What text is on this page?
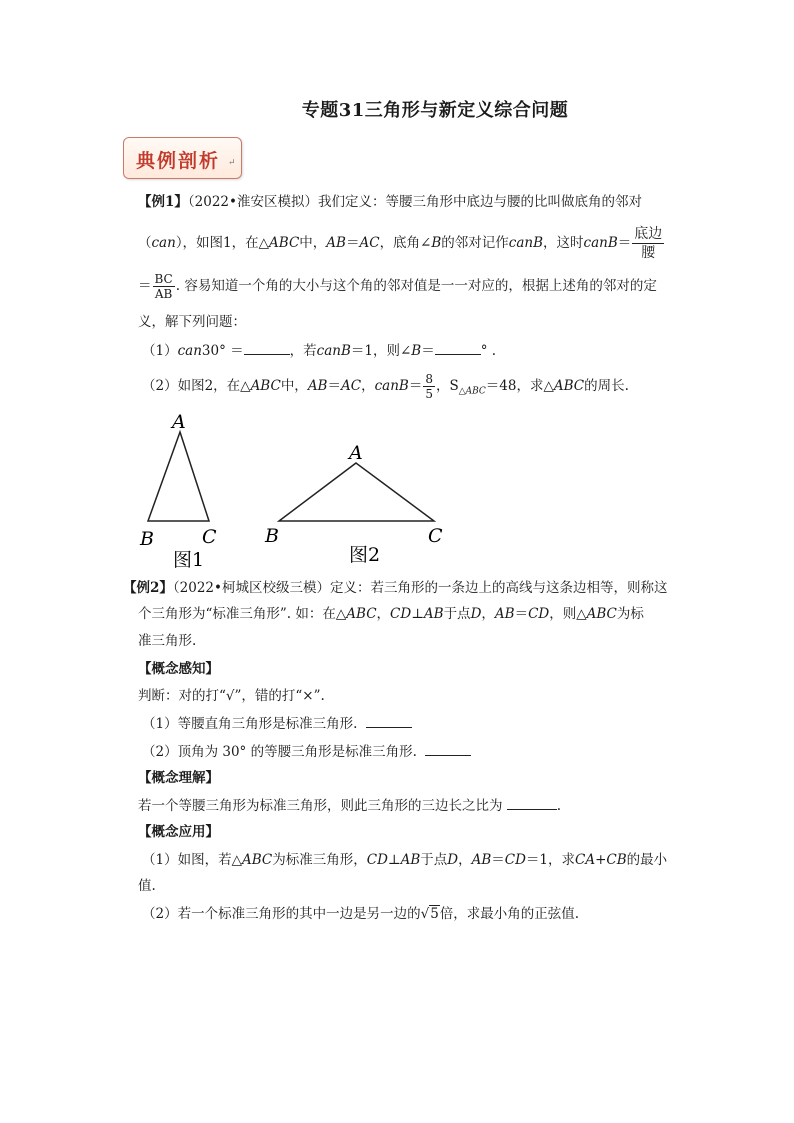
专题31三角形与新定义综合问题
典例剖析 ↵
【例1】（2022•淮安区模拟）我们定义：等腰三角形中底边与腰的比叫做底角的邻对
（can），如图1，在△ABC中，AB＝AC，底角∠B的邻对记作canB，这时canB＝ $\frac{\text{底边}}{\text{腰}}$
＝ $\frac{BC}{AB}$ . 容易知道一个角的大小与这个角的邻对值是一一对应的，根据上述角的邻对的定
义，解下列问题：
（1）can30° ＝	，若canB＝1，则∠B＝	° .
（2）如图2，在△ABC中，AB＝AC，canB＝ $\frac{8}{5}$ ，$S_{\triangle ABC}=48$，求△ABC的周长.
A
B	C
图1
A
B	C
图2
【例2】（2022•柯城区校级三模）定义：若三角形的一条边上的高线与这条边相等，则称这
个三角形为“标准三角形”. 如：在△ABC，CD⊥AB于点D，AB＝CD，则△ABC为标
准三角形.
【概念感知】
判断：对的打“√”，错的打“×”.
（1）等腰直角三角形是标准三角形.
（2）顶角为 30° 的等腰三角形是标准三角形.
【概念理解】
若一个等腰三角形为标准三角形，则此三角形的三边长之比为	.
【概念应用】
（1）如图，若△ABC为标准三角形，CD⊥AB于点D，AB＝CD＝1，求CA+CB的最小
值.
（2）若一个标准三角形的其中一边是另一边的√5倍，求最小角的正弦值.
